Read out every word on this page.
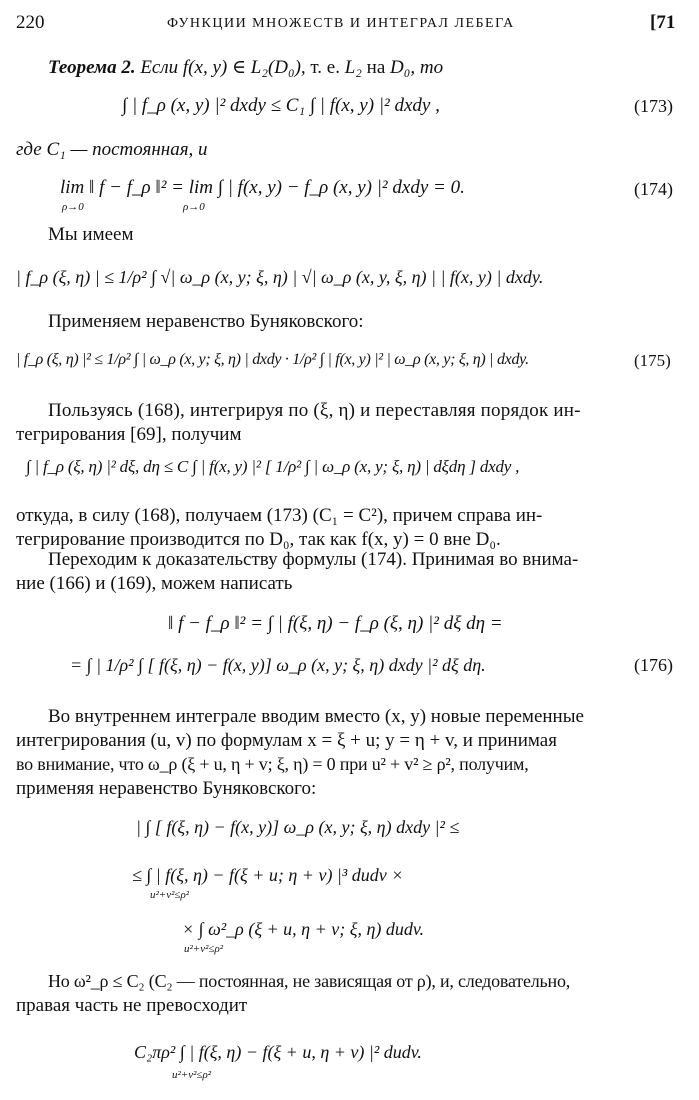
220	ФУНКЦИИ МНОЖЕСТВ И ИНТЕГРАЛ ЛЕБЕГА	[71
Теорема 2. Если f(x, y) ∈ L₂(D₀), т. е. L₂ на D₀, то
∫ | f_ρ (x, y) |² dxdy ≤ C₁ ∫ | f(x, y) |² dxdy ,	(173)
где C₁ — постоянная, и
lim ‖ f − f_ρ ‖² = lim ∫ | f(x, y) − f_ρ (x, y) |² dxdy = 0.
ρ→0	ρ→0
(174)
Мы имеем
| f_ρ (ξ, η) | ≤ 1/ρ² ∫ √| ω_ρ (x, y; ξ, η) | √| ω_ρ (x, y, ξ, η) | | f(x, y) | dxdy.
Применяем неравенство Буняковского:
| f_ρ (ξ, η) |² ≤ 1/ρ² ∫ | ω_ρ (x, y; ξ, η) | dxdy · 1/ρ² ∫ | f(x, y) |² | ω_ρ (x, y; ξ, η) | dxdy.	(175)
Пользуясь (168), интегрируя по (ξ, η) и переставляя порядок ин-
тегрирования [69], получим
∫ | f_ρ (ξ, η) |² dξ, dη ≤ C ∫ | f(x, y) |² [ 1/ρ² ∫ | ω_ρ (x, y; ξ, η) | dξdη ] dxdy ,
откуда, в силу (168), получаем (173) (C₁ = C²), причем справа ин-
тегрирование производится по D₀, так как f(x, y) = 0 вне D₀.
Переходим к доказательству формулы (174). Принимая во внима-
ние (166) и (169), можем написать
‖ f − f_ρ ‖² = ∫ | f(ξ, η) − f_ρ (ξ, η) |² dξ dη =
= ∫ | 1/ρ² ∫ [ f(ξ, η) − f(x, y)] ω_ρ (x, y; ξ, η) dxdy |² dξ dη.	(176)
Во внутреннем интеграле вводим вместо (x, y) новые переменные
интегрирования (u, v) по формулам x = ξ + u; y = η + v, и принимая
во внимание, что ω_ρ (ξ + u, η + v; ξ, η) = 0 при u² + v² ≥ ρ², получим,
применяя неравенство Буняковского:
| ∫ [ f(ξ, η) − f(x, y)] ω_ρ (x, y; ξ, η) dxdy |² ≤
≤ ∫ | f(ξ, η) − f(ξ + u; η + v) |³ dudv ×
u²+v²≤ρ²
× ∫ ω²_ρ (ξ + u, η + v; ξ, η) dudv.
u²+v²≤ρ²
Но ω²_ρ ≤ C₂ (C₂ — постоянная, не зависящая от ρ), и, следовательно,
правая часть не превосходит
C₂πρ² ∫ | f(ξ, η) − f(ξ + u, η + v) |² dudv.
u²+v²≤ρ²
